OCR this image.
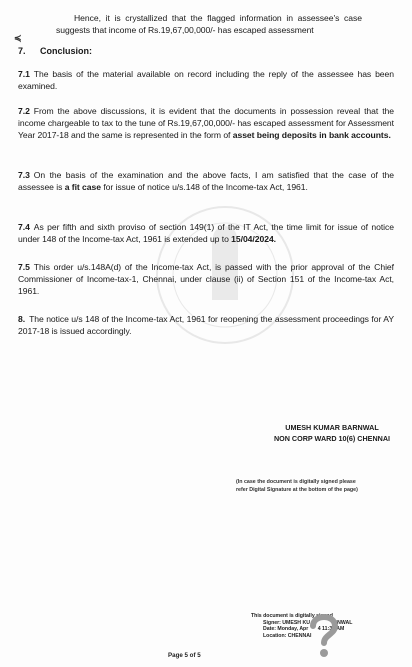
Hence, it is crystallized that the flagged information in assessee's case suggests that income of Rs.19,67,00,000/- has escaped assessment
≼
7. Conclusion:
7.1 The basis of the material available on record including the reply of the assessee has been examined.
7.2 From the above discussions, it is evident that the documents in possession reveal that the income chargeable to tax to the tune of Rs.19,67,00,000/- has escaped assessment for Assessment Year 2017-18 and the same is represented in the form of asset being deposits in bank accounts.
7.3 On the basis of the examination and the above facts, I am satisfied that the case of the assessee is a fit case for issue of notice u/s.148 of the Income-tax Act, 1961.
7.4 As per fifth and sixth proviso of section 149(1) of the IT Act, the time limit for issue of notice under 148 of the Income-tax Act, 1961 is extended up to 15/04/2024.
7.5 This order u/s.148A(d) of the Income-tax Act, is passed with the prior approval of the Chief Commissioner of Income-tax-1, Chennai, under clause (ii) of Section 151 of the Income-tax Act, 1961.
8. The notice u/s 148 of the Income-tax Act, 1961 for reopening the assessment proceedings for AY 2017-18 is issued accordingly.
UMESH KUMAR BARNWAL
NON CORP WARD 10(6) CHENNAI
(In case the document is digitally signed please
refer Digital Signature at the bottom of the page)
This document is digitally signed
Signer: UMESH KU	RNWAL
Date: Monday, Apr 4 11:38 AM
Location: CHENNAI
Page 5 of 5
